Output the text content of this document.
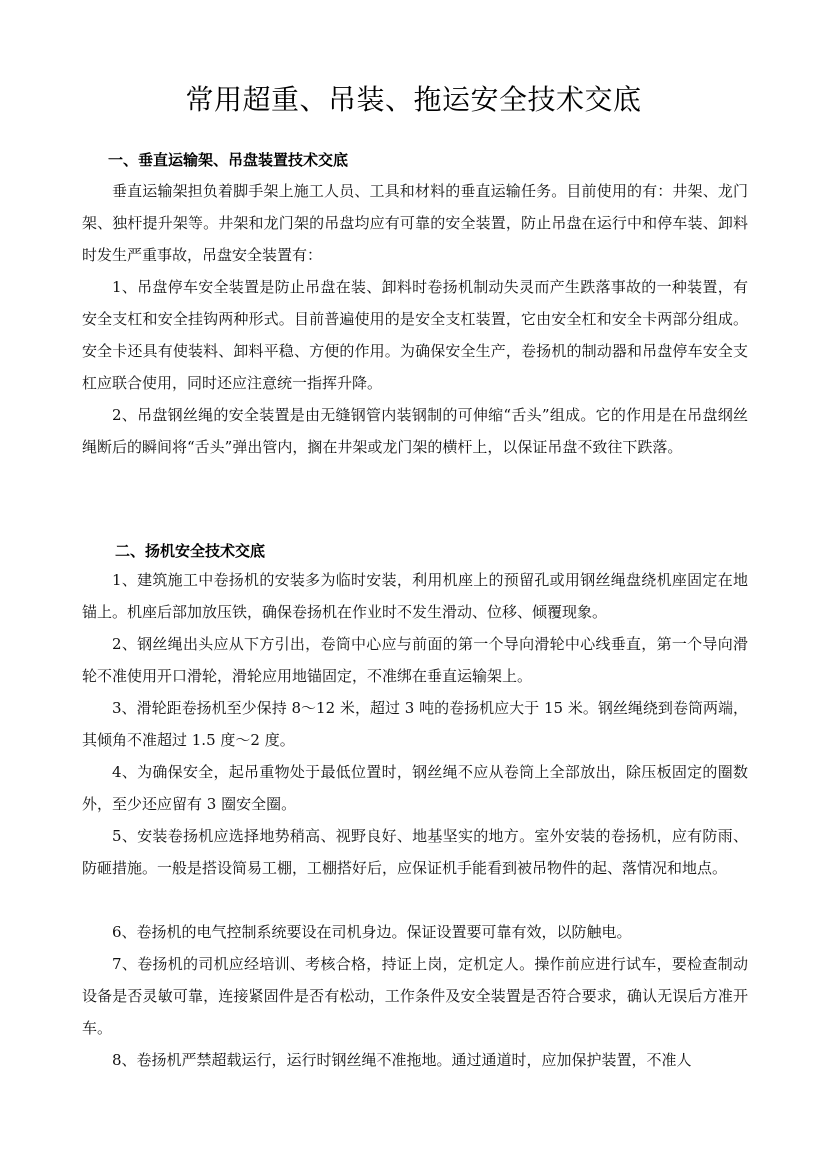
常用超重、吊装、拖运安全技术交底
一、垂直运输架、吊盘装置技术交底

垂直运输架担负着脚手架上施工人员、工具和材料的垂直运输任务。目前使用的有：井架、龙门架、独杆提升架等。井架和龙门架的吊盘均应有可靠的安全装置，防止吊盘在运行中和停车装、卸料时发生严重事故，吊盘安全装置有：

1、吊盘停车安全装置是防止吊盘在装、卸料时卷扬机制动失灵而产生跌落事故的一种装置，有安全支杠和安全挂钩两种形式。目前普遍使用的是安全支杠装置，它由安全杠和安全卡两部分组成。安全卡还具有使装料、卸料平稳、方便的作用。为确保安全生产，卷扬机的制动器和吊盘停车安全支杠应联合使用，同时还应注意统一指挥升降。

2、吊盘钢丝绳的安全装置是由无缝钢管内装钢制的可伸缩“舌头”组成。它的作用是在吊盘纲丝绳断后的瞬间将“舌头”弹出管内，搁在井架或龙门架的横杆上，以保证吊盘不致往下跌落。

二、扬机安全技术交底

1、建筑施工中卷扬机的安装多为临时安装，利用机座上的预留孔或用钢丝绳盘绕机座固定在地锚上。机座后部加放压铁，确保卷扬机在作业时不发生滑动、位移、倾覆现象。

2、钢丝绳出头应从下方引出，卷筒中心应与前面的第一个导向滑轮中心线垂直，第一个导向滑轮不准使用开口滑轮，滑轮应用地锚固定，不准绑在垂直运输架上。

3、滑轮距卷扬机至少保持 8～12 米，超过 3 吨的卷扬机应大于 15 米。钢丝绳绕到卷筒两端，其倾角不准超过 1.5 度～2 度。

4、为确保安全，起吊重物处于最低位置时，钢丝绳不应从卷筒上全部放出，除压板固定的圈数外，至少还应留有 3 圈安全圈。

5、安装卷扬机应选择地势稍高、视野良好、地基坚实的地方。室外安装的卷扬机，应有防雨、防砸措施。一般是搭设简易工棚，工棚搭好后，应保证机手能看到被吊物件的起、落情况和地点。

6、卷扬机的电气控制系统要设在司机身边。保证设置要可靠有效，以防触电。

7、卷扬机的司机应经培训、考核合格，持证上岗，定机定人。操作前应进行试车，要检查制动设备是否灵敏可靠，连接紧固件是否有松动，工作条件及安全装置是否符合要求，确认无误后方准开车。

8、卷扬机严禁超载运行，运行时钢丝绳不准拖地。通过通道时，应加保护装置，不准人
